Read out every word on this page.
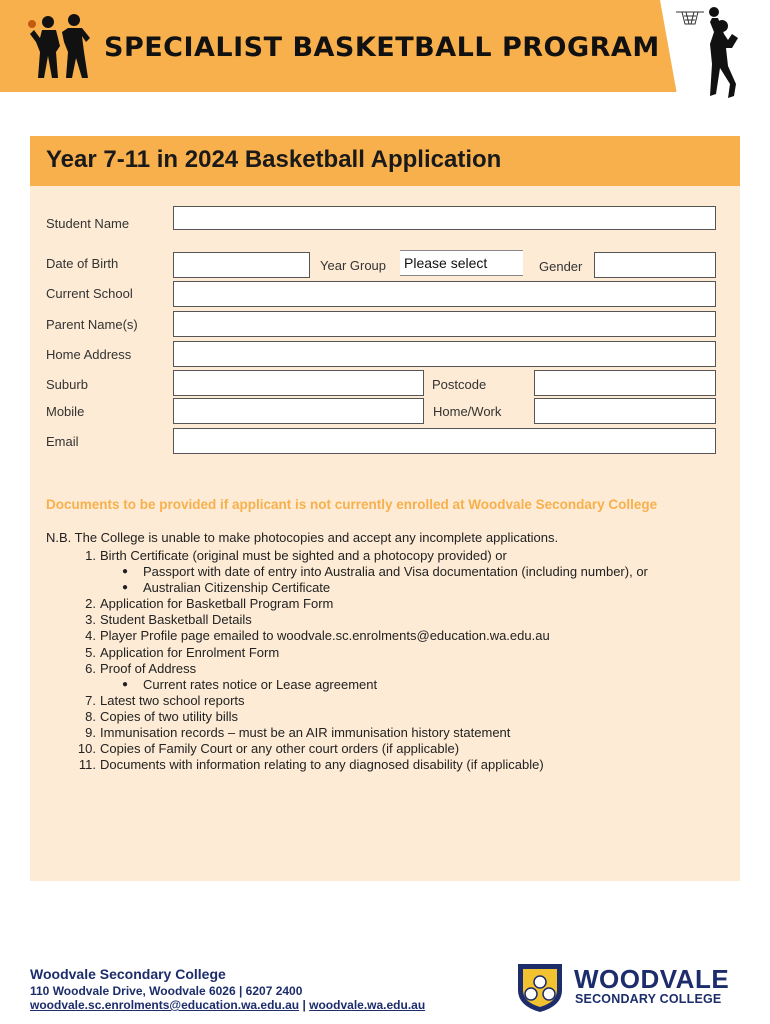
SPECIALIST BASKETBALL PROGRAM
Year 7-11 in 2024 Basketball Application
Student Name
Date of Birth	Year Group Please select	Gender
Current School
Parent Name(s)
Home Address
Suburb	Postcode
Mobile	Home/Work
Email
Documents to be provided if applicant is not currently enrolled at Woodvale Secondary College
N.B. The College is unable to make photocopies and accept any incomplete applications.
1. Birth Certificate (original must be sighted and a photocopy provided) or
● Passport with date of entry into Australia and Visa documentation (including number), or
● Australian Citizenship Certificate
2. Application for Basketball Program Form
3. Student Basketball Details
4. Player Profile page emailed to woodvale.sc.enrolments@education.wa.edu.au
5. Application for Enrolment Form
6. Proof of Address
● Current rates notice or Lease agreement
7. Latest two school reports
8. Copies of two utility bills
9. Immunisation records – must be an AIR immunisation history statement
10. Copies of Family Court or any other court orders (if applicable)
11. Documents with information relating to any diagnosed disability (if applicable)
Woodvale Secondary College
110 Woodvale Drive, Woodvale 6026 | 6207 2400
woodvale.sc.enrolments@education.wa.edu.au | woodvale.wa.edu.au
WOODVALE
SECONDARY COLLEGE
